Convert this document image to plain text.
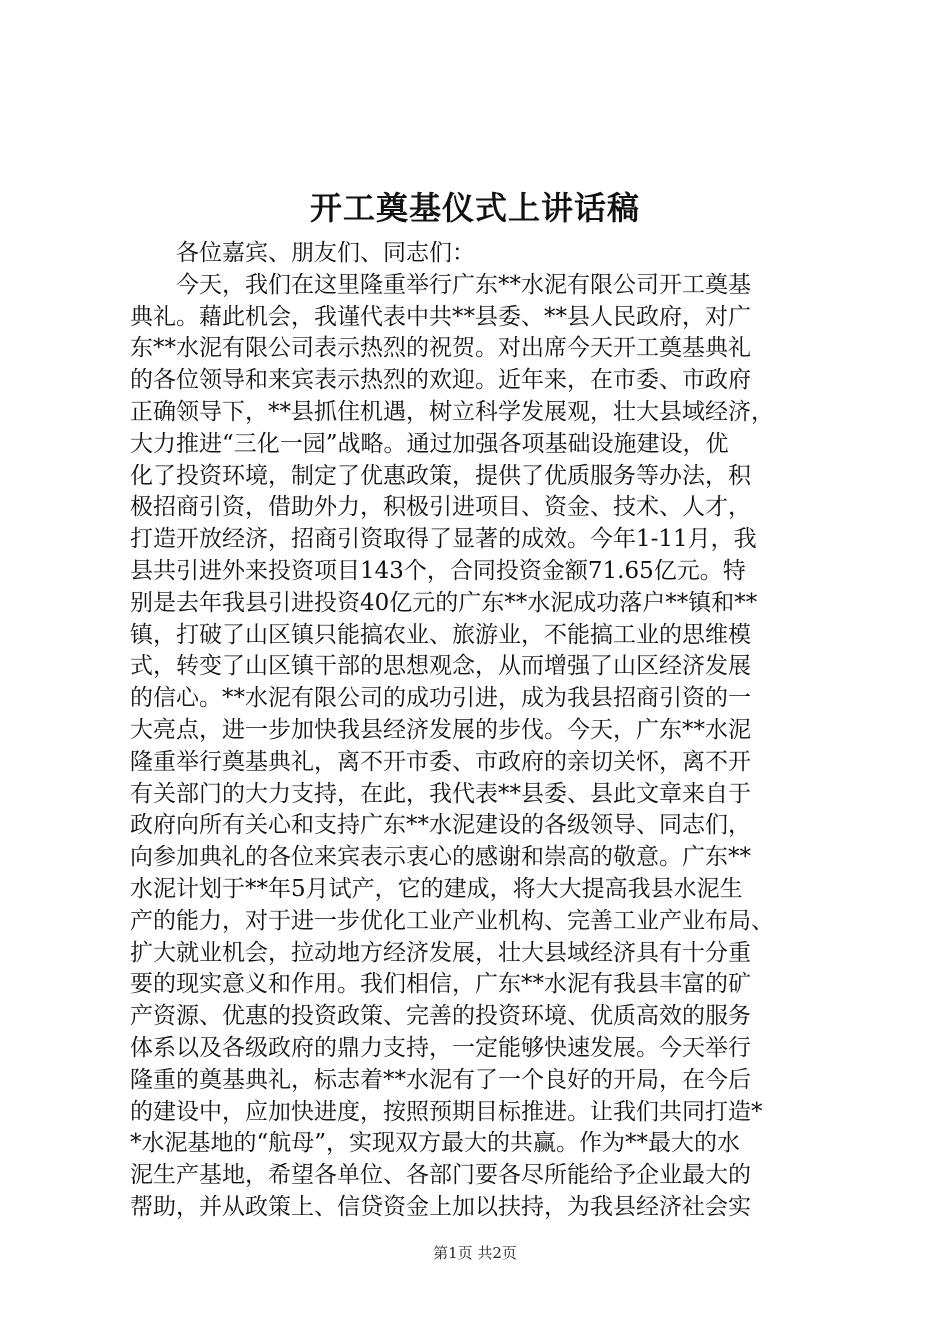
开工奠基仪式上讲话稿
各位嘉宾、朋友们、同志们：
今天，我们在这里隆重举行广东**水泥有限公司开工奠基
典礼。藉此机会，我谨代表中共**县委、**县人民政府，对广
东**水泥有限公司表示热烈的祝贺。对出席今天开工奠基典礼
的各位领导和来宾表示热烈的欢迎。近年来，在市委、市政府
正确领导下，**县抓住机遇，树立科学发展观，壮大县域经济，
大力推进“三化一园”战略。通过加强各项基础设施建设，优
化了投资环境，制定了优惠政策，提供了优质服务等办法，积
极招商引资，借助外力，积极引进项目、资金、技术、人才，
打造开放经济，招商引资取得了显著的成效。今年1-11月，我
县共引进外来投资项目143个，合同投资金额71.65亿元。特
别是去年我县引进投资40亿元的广东**水泥成功落户**镇和**
镇，打破了山区镇只能搞农业、旅游业，不能搞工业的思维模
式，转变了山区镇干部的思想观念，从而增强了山区经济发展
的信心。**水泥有限公司的成功引进，成为我县招商引资的一
大亮点，进一步加快我县经济发展的步伐。今天，广东**水泥
隆重举行奠基典礼，离不开市委、市政府的亲切关怀，离不开
有关部门的大力支持，在此，我代表**县委、县此文章来自于
政府向所有关心和支持广东**水泥建设的各级领导、同志们，
向参加典礼的各位来宾表示衷心的感谢和崇高的敬意。广东**
水泥计划于**年5月试产，它的建成，将大大提高我县水泥生
产的能力，对于进一步优化工业产业机构、完善工业产业布局、
扩大就业机会，拉动地方经济发展，壮大县域经济具有十分重
要的现实意义和作用。我们相信，广东**水泥有我县丰富的矿
产资源、优惠的投资政策、完善的投资环境、优质高效的服务
体系以及各级政府的鼎力支持，一定能够快速发展。今天举行
隆重的奠基典礼，标志着**水泥有了一个良好的开局，在今后
的建设中，应加快进度，按照预期目标推进。让我们共同打造*
*水泥基地的“航母”，实现双方最大的共赢。作为**最大的水
泥生产基地，希望各单位、各部门要各尽所能给予企业最大的
帮助，并从政策上、信贷资金上加以扶持，为我县经济社会实
第1页 共2页
